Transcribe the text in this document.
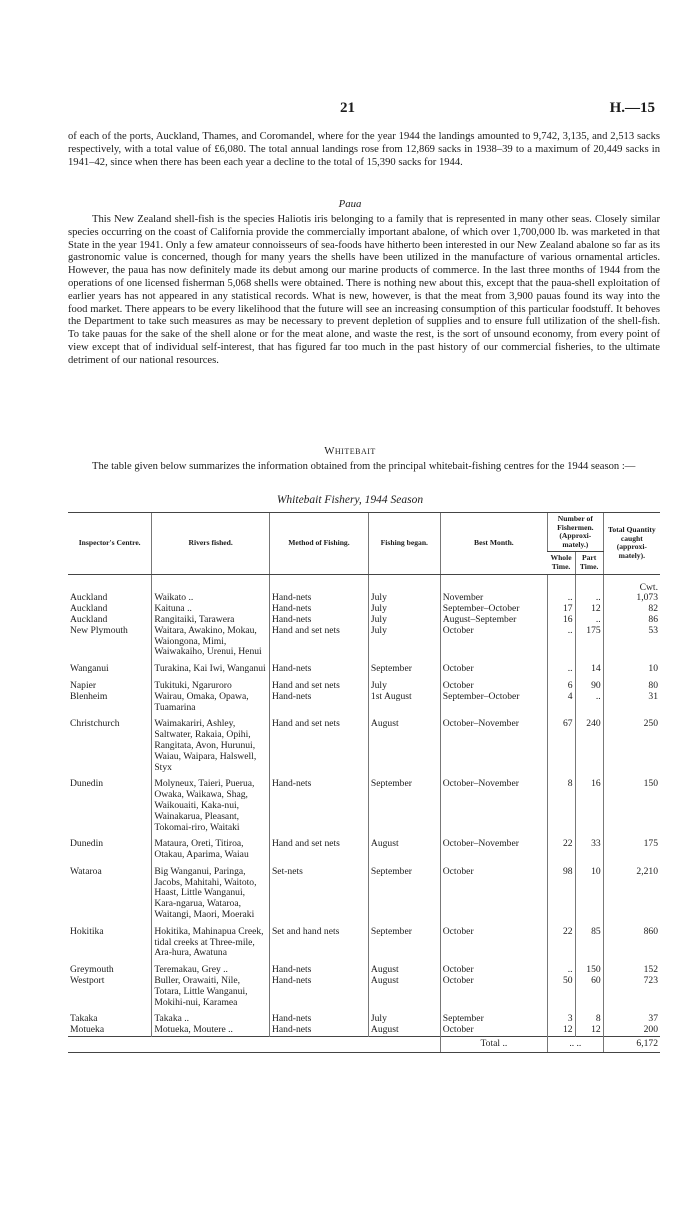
21	H.—15

of each of the ports, Auckland, Thames, and Coromandel, where for the year 1944 the landings amounted to 9,742, 3,135, and 2,513 sacks respectively, with a total value of £6,080. The total annual landings rose from 12,869 sacks in 1938–39 to a maximum of 20,449 sacks in 1941–42, since when there has been each year a decline to the total of 15,390 sacks for 1944.

Paua

This New Zealand shell-fish is the species Haliotis iris belonging to a family that is represented in many other seas. Closely similar species occurring on the coast of California provide the commercially important abalone, of which over 1,700,000 lb. was marketed in that State in the year 1941. Only a few amateur connoisseurs of sea-foods have hitherto been interested in our New Zealand abalone so far as its gastronomic value is concerned, though for many years the shells have been utilized in the manufacture of various ornamental articles. However, the paua has now definitely made its debut among our marine products of commerce. In the last three months of 1944 from the operations of one licensed fisherman 5,068 shells were obtained. There is nothing new about this, except that the paua-shell exploitation of earlier years has not appeared in any statistical records. What is new, however, is that the meat from 3,900 pauas found its way into the food market. There appears to be every likelihood that the future will see an increasing consumption of this particular foodstuff. It behoves the Department to take such measures as may be necessary to prevent depletion of supplies and to ensure full utilization of the shell-fish. To take pauas for the sake of the shell alone or for the meat alone, and waste the rest, is the sort of unsound economy, from every point of view except that of individual self-interest, that has figured far too much in the past history of our commercial fisheries, to the ultimate detriment of our national resources.

Whitebait

The table given below summarizes the information obtained from the principal whitebait-fishing centres for the 1944 season :—

Whitebait Fishery, 1944 Season
Inspector's Centre.	Rivers fished.	Method of Fishing.	Fishing began.	Best Month.	Number of Fishermen. (Approxi-mately.)		Total Quantity caught (approxi-mately).
					Whole Time.	Part Time.	
							Cwt.
Auckland	Waikato ..	Hand-nets	July	November	..	..	1,073
Auckland	Kaituna ..	Hand-nets	July	September–October	17	12	82
Auckland	Rangitaiki, Tarawera	Hand-nets	July	August–September	16	..	86
New Plymouth	Waitara, Awakino, Mokau, Waiongona, Mimi, Waiwakaiho, Urenui, Henui	Hand and set nets	July	October	..	175	53
Wanganui	Turakina, Kai Iwi, Wanganui	Hand-nets	September	October	..	14	10
Napier	Tukituki, Ngaruroro	Hand and set nets	July	October	6	90	80
Blenheim	Wairau, Omaka, Opawa, Tuamarina	Hand-nets	1st August	September–October	4	..	31
Christchurch	Waimakariri, Ashley, Saltwater, Rakaia, Opihi, Rangitata, Avon, Hurunui, Waiau, Waipara, Halswell, Styx	Hand and set nets	August	October–November	67	240	250
Dunedin	Molyneux, Taieri, Puerua, Owaka, Waikawa, Shag, Waikouaiti, Kaka-nui, Wainakarua, Pleasant, Tokomai-riro, Waitaki	Hand-nets	September	October–November	8	16	150
Dunedin	Mataura, Oreti, Titiroa, Otakau, Aparima, Waiau	Hand and set nets	August	October–November	22	33	175
Wataroa	Big Wanganui, Paringa, Jacobs, Mahitahi, Waitoto, Haast, Little Wanganui, Kara-ngarua, Wataroa, Waitangi, Maori, Moeraki	Set-nets	September	October	98	10	2,210
Hokitika	Hokitika, Mahinapua Creek, tidal creeks at Three-mile, Ara-hura, Awatuna	Set and hand nets	September	October	22	85	860
Greymouth	Teremakau, Grey ..	Hand-nets	August	October	..	150	152
Westport	Buller, Orawaiti, Nile, Totara, Little Wanganui, Mokihi-nui, Karamea	Hand-nets	August	October	50	60	723
Takaka	Takaka ..	Hand-nets	July	September	3	8	37
Motueka	Motueka, Moutere ..	Hand-nets	August	October	12	12	200
				Total ..	.. ..		6,172
